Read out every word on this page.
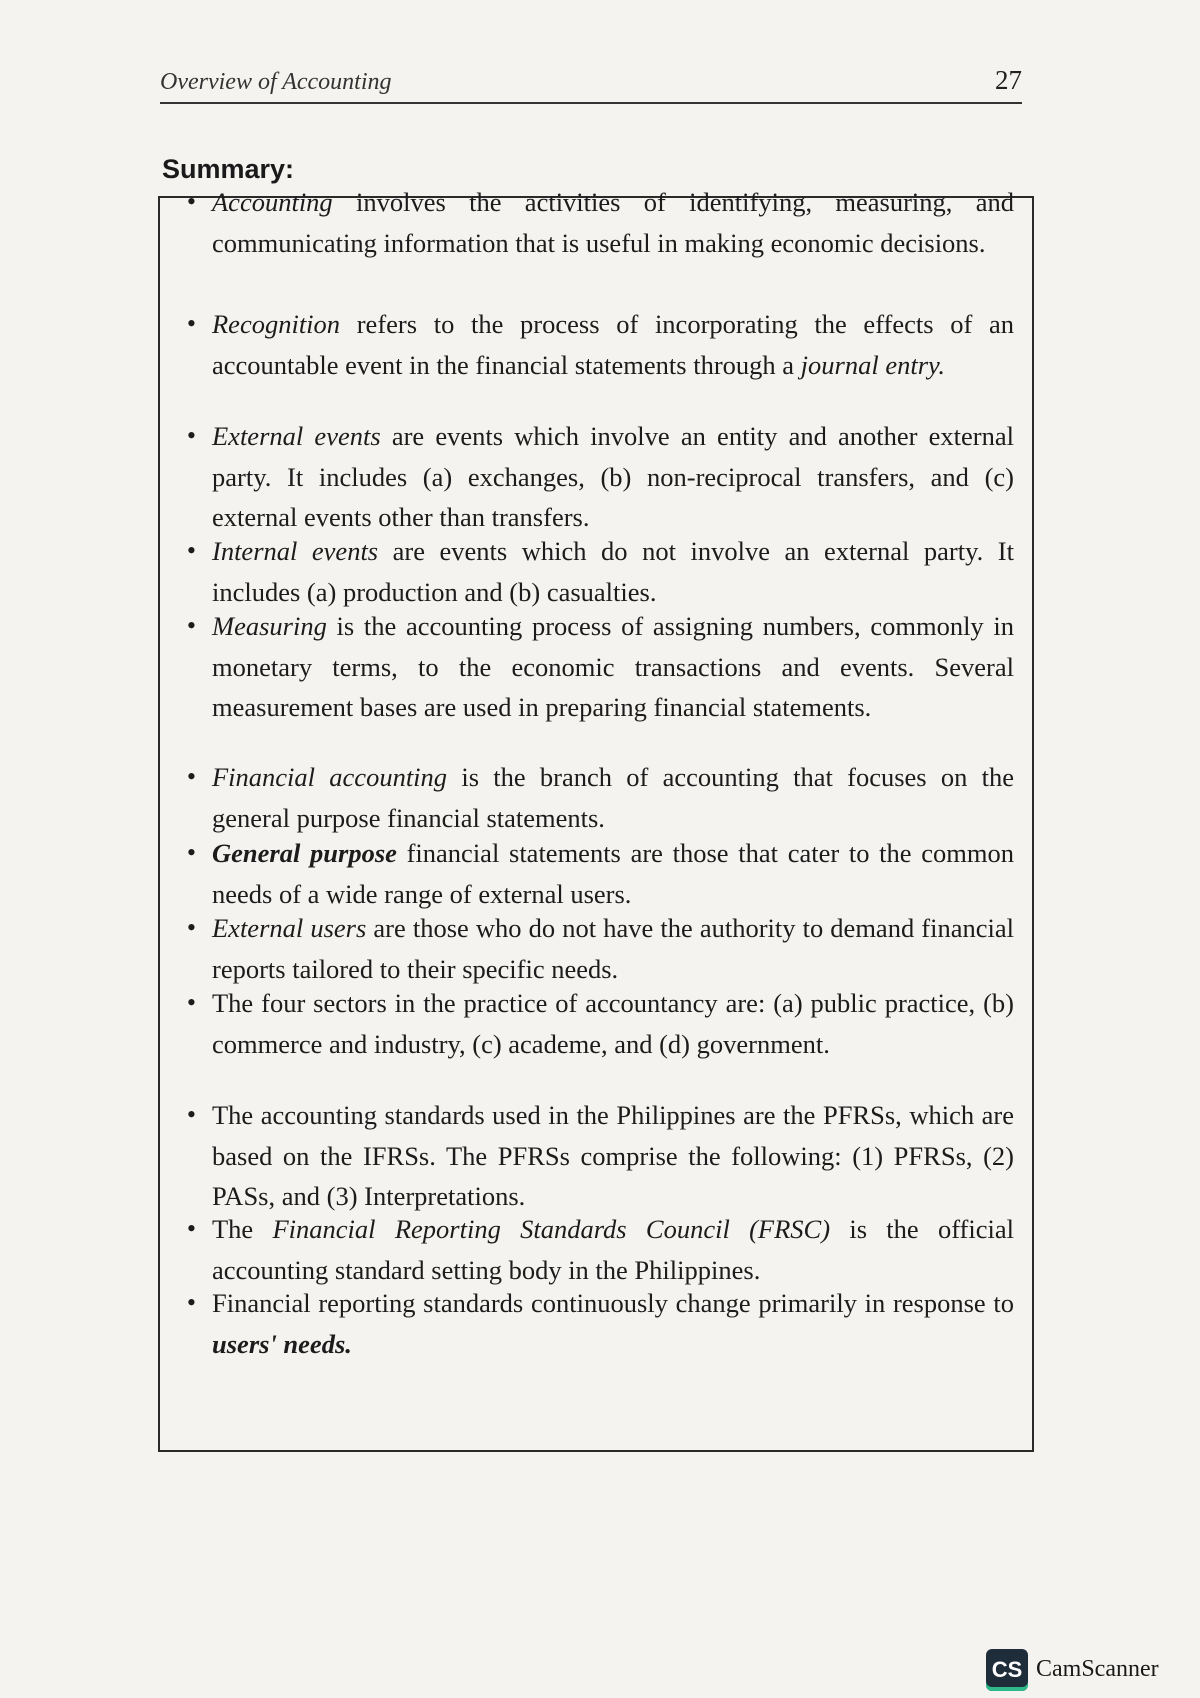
Overview of Accounting	27
Summary:
• Accounting involves the activities of identifying, measuring, and communicating information that is useful in making economic decisions.
• Recognition refers to the process of incorporating the effects of an accountable event in the financial statements through a journal entry.
• External events are events which involve an entity and another external party. It includes (a) exchanges, (b) non-reciprocal transfers, and (c) external events other than transfers.
• Internal events are events which do not involve an external party. It includes (a) production and (b) casualties.
• Measuring is the accounting process of assigning numbers, commonly in monetary terms, to the economic transactions and events. Several measurement bases are used in preparing financial statements.
• Financial accounting is the branch of accounting that focuses on the general purpose financial statements.
• General purpose financial statements are those that cater to the common needs of a wide range of external users.
• External users are those who do not have the authority to demand financial reports tailored to their specific needs.
• The four sectors in the practice of accountancy are: (a) public practice, (b) commerce and industry, (c) academe, and (d) government.
• The accounting standards used in the Philippines are the PFRSs, which are based on the IFRSs. The PFRSs comprise the following: (1) PFRSs, (2) PASs, and (3) Interpretations.
• The Financial Reporting Standards Council (FRSC) is the official accounting standard setting body in the Philippines.
• Financial reporting standards continuously change primarily in response to users' needs.
CS CamScanner
